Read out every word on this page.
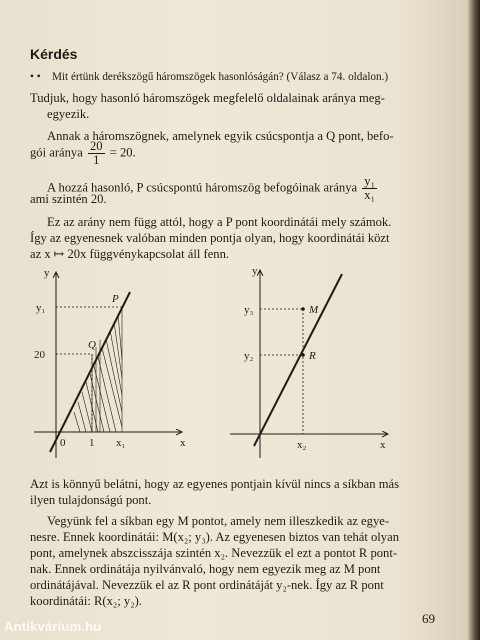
Kérdés
• • Mit értünk derékszögű háromszögek hasonlóságán? (Válasz a 74. oldalon.)
Tudjuk, hogy hasonló háromszögek megfelelő oldalainak aránya meg-
egyezik.
Annak a háromszögnek, amelynek egyik csúcspontja a Q pont, befo-
gói aránya $\frac{20}{1} = 20$.
A hozzá hasonló, P csúcspontú háromszög befogóinak aránya $\frac{\text{y₁}}{\text{x₁}}$
ami szintén 20.
Ez az arány nem függ attól, hogy a P pont koordinátái mely számok.
Így az egyenesnek valóban minden pontja olyan, hogy koordinátái közt
az x ↦ 20x függvénykapcsolat áll fenn.
y
x
y₁
20
0 1 x₁
P
Q
y
x
y₃
y₂
x₂
M
R
Azt is könnyű belátni, hogy az egyenes pontjain kívül nincs a síkban más
ilyen tulajdonságú pont.
Vegyünk fel a síkban egy M pontot, amely nem illeszkedik az egye-
nesre. Ennek koordinátái: M(x₂; y₃). Az egyenesen biztos van tehát olyan
pont, amelynek abszcisszája szintén x₂. Nevezzük el ezt a pontot R pont-
nak. Ennek ordinátája nyilvánvaló, hogy nem egyezik meg az M pont
ordinátájával. Nevezzük el az R pont ordinátáját y₂-nek. Így az R pont
koordinátái: R(x₂; y₂).
69
Antikvárium.hu
